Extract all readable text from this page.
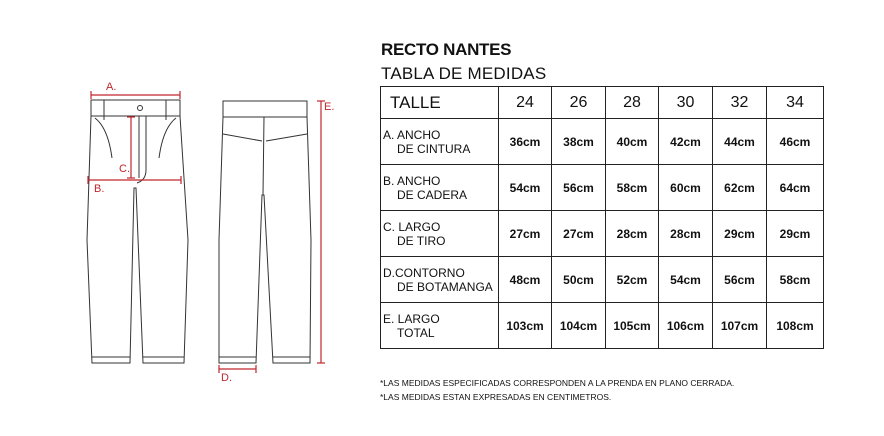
A.
B.
C.
D.
E.
RECTO NANTES
TABLA DE MEDIDAS
TALLE	24	26	28	30	32	34

A. ANCHO
DE CINTURA	36cm	38cm	40cm	42cm	44cm	46cm

B. ANCHO
DE CADERA	54cm	56cm	58cm	60cm	62cm	64cm

C. LARGO
DE TIRO	27cm	27cm	28cm	28cm	29cm	29cm

D.CONTORNO
DE BOTAMANGA	48cm	50cm	52cm	54cm	56cm	58cm

E. LARGO
TOTAL	103cm	104cm	105cm	106cm	107cm	108cm
*LAS MEDIDAS ESPECIFICADAS CORRESPONDEN A LA PRENDA EN PLANO CERRADA.
*LAS MEDIDAS ESTAN EXPRESADAS EN CENTIMETROS.
